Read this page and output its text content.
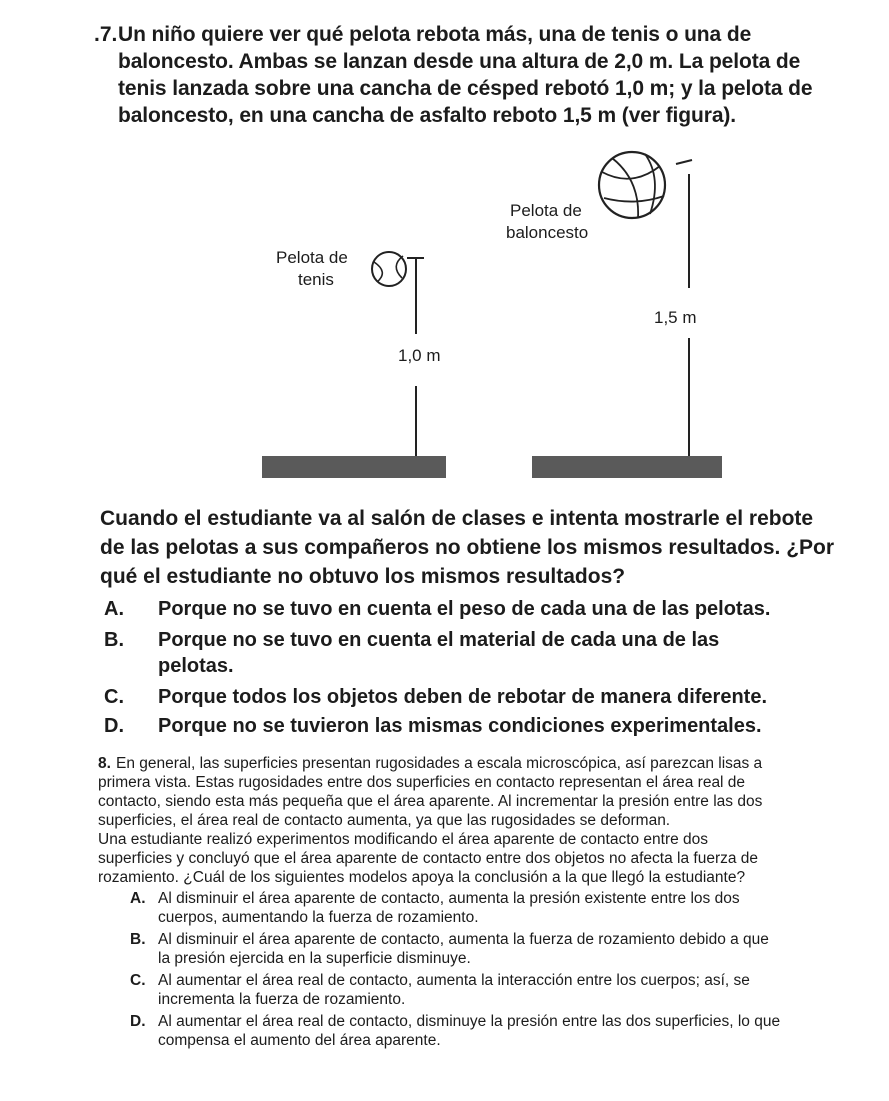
.7. Un niño quiere ver qué pelota rebota más, una de tenis o una de
baloncesto. Ambas se lanzan desde una altura de 2,0 m. La pelota de
tenis lanzada sobre una cancha de césped rebotó 1,0 m; y la pelota de
baloncesto, en una cancha de asfalto reboto 1,5 m (ver figura).
Pelota de
tenis
1,0 m
Pelota de
baloncesto
1,5 m
Cuando el estudiante va al salón de clases e intenta mostrarle el rebote
de las pelotas a sus compañeros no obtiene los mismos resultados. ¿Por
qué el estudiante no obtuvo los mismos resultados?
A. Porque no se tuvo en cuenta el peso de cada una de las pelotas.
B. Porque no se tuvo en cuenta el material de cada una de las
pelotas.
C. Porque todos los objetos deben de rebotar de manera diferente.
D. Porque no se tuvieron las mismas condiciones experimentales.
8. En general, las superficies presentan rugosidades a escala microscópica, así parezcan lisas a
primera vista. Estas rugosidades entre dos superficies en contacto representan el área real de
contacto, siendo esta más pequeña que el área aparente. Al incrementar la presión entre las dos
superficies, el área real de contacto aumenta, ya que las rugosidades se deforman.
Una estudiante realizó experimentos modificando el área aparente de contacto entre dos
superficies y concluyó que el área aparente de contacto entre dos objetos no afecta la fuerza de
rozamiento. ¿Cuál de los siguientes modelos apoya la conclusión a la que llegó la estudiante?
A. Al disminuir el área aparente de contacto, aumenta la presión existente entre los dos
cuerpos, aumentando la fuerza de rozamiento.
B. Al disminuir el área aparente de contacto, aumenta la fuerza de rozamiento debido a que
la presión ejercida en la superficie disminuye.
C. Al aumentar el área real de contacto, aumenta la interacción entre los cuerpos; así, se
incrementa la fuerza de rozamiento.
D. Al aumentar el área real de contacto, disminuye la presión entre las dos superficies, lo que
compensa el aumento del área aparente.
